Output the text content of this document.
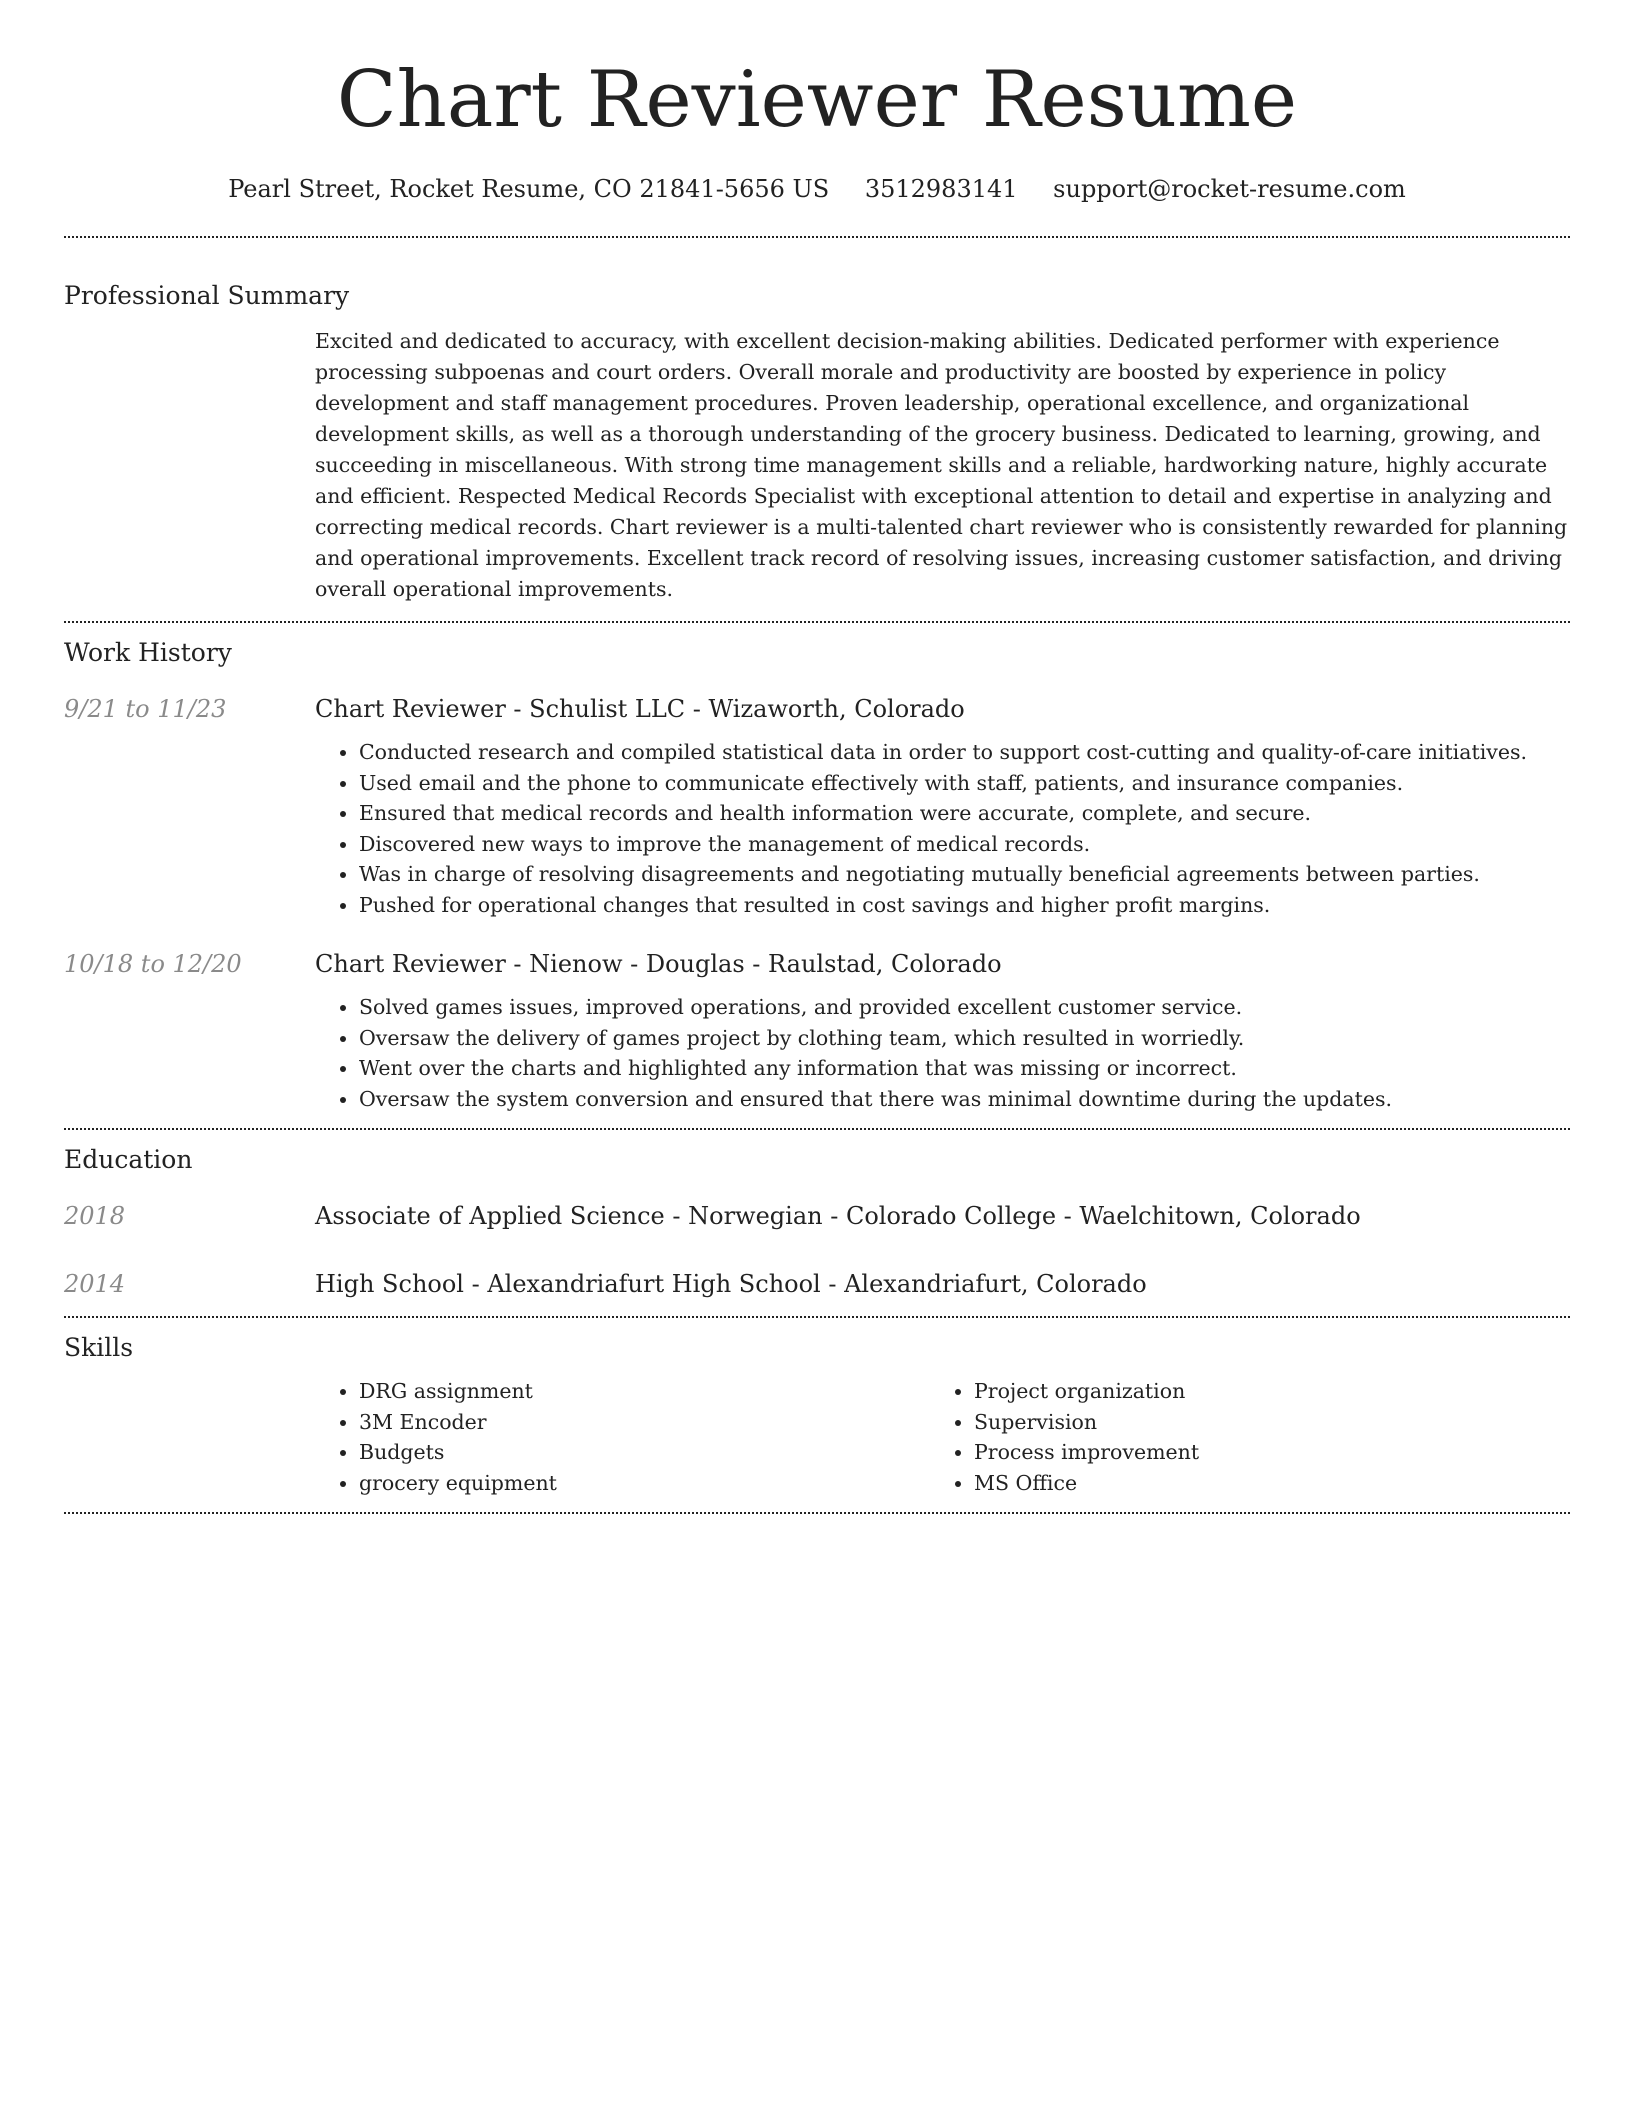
Chart Reviewer Resume
Pearl Street, Rocket Resume, CO 21841-5656 US 3512983141 support@rocket-resume.com
Professional Summary

Excited and dedicated to accuracy, with excellent decision-making abilities. Dedicated performer with experience processing subpoenas and court orders. Overall morale and productivity are boosted by experience in policy development and staff management procedures. Proven leadership, operational excellence, and organizational development skills, as well as a thorough understanding of the grocery business. Dedicated to learning, growing, and succeeding in miscellaneous. With strong time management skills and a reliable, hardworking nature, highly accurate and efficient. Respected Medical Records Specialist with exceptional attention to detail and expertise in analyzing and correcting medical records. Chart reviewer is a multi-talented chart reviewer who is consistently rewarded for planning and operational improvements. Excellent track record of resolving issues, increasing customer satisfaction, and driving overall operational improvements.

Work History
9/21 to 11/23	Chart Reviewer - Schulist LLC - Wizaworth, Colorado
• Conducted research and compiled statistical data in order to support cost-cutting and quality-of-care initiatives.
• Used email and the phone to communicate effectively with staff, patients, and insurance companies.
• Ensured that medical records and health information were accurate, complete, and secure.
• Discovered new ways to improve the management of medical records.
• Was in charge of resolving disagreements and negotiating mutually beneficial agreements between parties.
• Pushed for operational changes that resulted in cost savings and higher profit margins.
10/18 to 12/20	Chart Reviewer - Nienow - Douglas - Raulstad, Colorado
• Solved games issues, improved operations, and provided excellent customer service.
• Oversaw the delivery of games project by clothing team, which resulted in worriedly.
• Went over the charts and highlighted any information that was missing or incorrect.
• Oversaw the system conversion and ensured that there was minimal downtime during the updates.
Education
2018	Associate of Applied Science - Norwegian - Colorado College - Waelchitown, Colorado
2014	High School - Alexandriafurt High School - Alexandriafurt, Colorado
Skills
• DRG assignment
• 3M Encoder
• Budgets
• grocery equipment
• Project organization
• Supervision
• Process improvement
• MS Office
